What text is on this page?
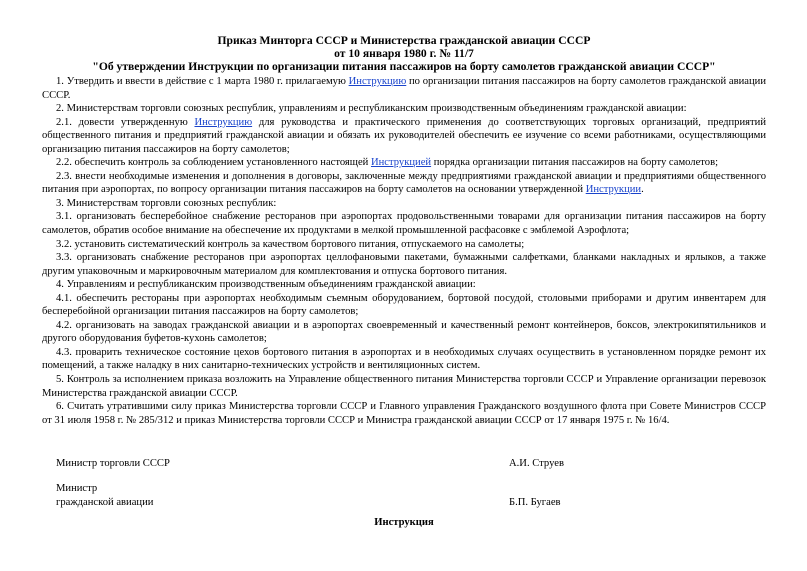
Приказ Минторга СССР и Министерства гражданской авиации СССР

от 10 января 1980 г. № 11/7

"Об утверждении Инструкции по организации питания пассажиров на борту самолетов гражданской авиации СССР"

1. Утвердить и ввести в действие с 1 марта 1980 г. прилагаемую Инструкцию по организации питания пассажиров на борту самолетов гражданской авиации СССР.

2. Министерствам торговли союзных республик, управлениям и республиканским производственным объединениям гражданской авиации:

2.1. довести утвержденную Инструкцию для руководства и практического применения до соответствующих торговых организаций, предприятий общественного питания и предприятий гражданской авиации и обязать их руководителей обеспечить ее изучение со всеми работниками, осуществляющими организацию питания пассажиров на борту самолетов;

2.2. обеспечить контроль за соблюдением установленного настоящей Инструкцией порядка организации питания пассажиров на борту самолетов;

2.3. внести необходимые изменения и дополнения в договоры, заключенные между предприятиями гражданской авиации и предприятиями общественного питания при аэропортах, по вопросу организации питания пассажиров на борту самолетов на основании утвержденной Инструкции.

3. Министерствам торговли союзных республик:

3.1. организовать бесперебойное снабжение ресторанов при аэропортах продовольственными товарами для организации питания пассажиров на борту самолетов, обратив особое внимание на обеспечение их продуктами в мелкой промышленной расфасовке с эмблемой Аэрофлота;

3.2. установить систематический контроль за качеством бортового питания, отпускаемого на самолеты;

3.3. организовать снабжение ресторанов при аэропортах целлофановыми пакетами, бумажными салфетками, бланками накладных и ярлыков, а также другим упаковочным и маркировочным материалом для комплектования и отпуска бортового питания.

4. Управлениям и республиканским производственным объединениям гражданской авиации:

4.1. обеспечить рестораны при аэропортах необходимым съемным оборудованием, бортовой посудой, столовыми приборами и другим инвентарем для бесперебойной организации питания пассажиров на борту самолетов;

4.2. организовать на заводах гражданской авиации и в аэропортах своевременный и качественный ремонт контейнеров, боксов, электрокипятильников и другого оборудования буфетов-кухонь самолетов;

4.3. проварить техническое состояние цехов бортового питания в аэропортах и в необходимых случаях осуществить в установленном порядке ремонт их помещений, а также наладку в них санитарно-технических устройств и вентиляционных систем.

5. Контроль за исполнением приказа возложить на Управление общественного питания Министерства торговли СССР и Управление организации перевозок Министерства гражданской авиации СССР.

6. Считать утратившими силу приказ Министерства торговли СССР и Главного управления Гражданского воздушного флота при Совете Министров СССР от 31 июля 1958 г. № 285/312 и приказ Министерства торговли СССР и Министра гражданской авиации СССР от 17 января 1975 г. № 16/4.

Министр торговли СССР	А.И. Струев
Министр
гражданской авиации	Б.П. Бугаев
Инструкция
